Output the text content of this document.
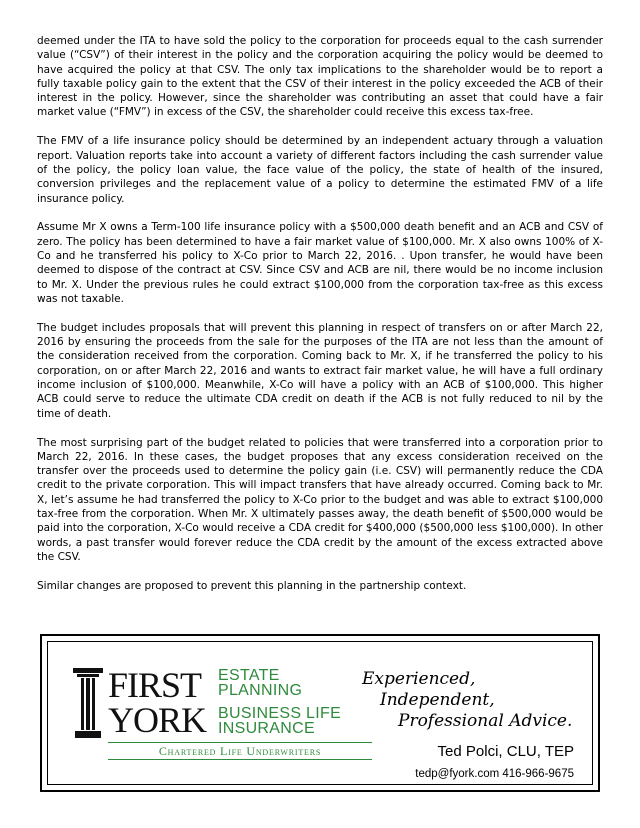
deemed under the ITA to have sold the policy to the corporation for proceeds equal to the cash surrender value (“CSV”) of their interest in the policy and the corporation acquiring the policy would be deemed to have acquired the policy at that CSV. The only tax implications to the shareholder would be to report a fully taxable policy gain to the extent that the CSV of their interest in the policy exceeded the ACB of their interest in the policy. However, since the shareholder was contributing an asset that could have a fair market value (“FMV”) in excess of the CSV, the shareholder could receive this excess tax-free.

The FMV of a life insurance policy should be determined by an independent actuary through a valuation report. Valuation reports take into account a variety of different factors including the cash surrender value of the policy, the policy loan value, the face value of the policy, the state of health of the insured, conversion privileges and the replacement value of a policy to determine the estimated FMV of a life insurance policy.

Assume Mr X owns a Term-100 life insurance policy with a $500,000 death benefit and an ACB and CSV of zero. The policy has been determined to have a fair market value of $100,000. Mr. X also owns 100% of X-Co and he transferred his policy to X-Co prior to March 22, 2016. . Upon transfer, he would have been deemed to dispose of the contract at CSV. Since CSV and ACB are nil, there would be no income inclusion to Mr. X. Under the previous rules he could extract $100,000 from the corporation tax-free as this excess was not taxable.

The budget includes proposals that will prevent this planning in respect of transfers on or after March 22, 2016 by ensuring the proceeds from the sale for the purposes of the ITA are not less than the amount of the consideration received from the corporation. Coming back to Mr. X, if he transferred the policy to his corporation, on or after March 22, 2016 and wants to extract fair market value, he will have a full ordinary income inclusion of $100,000. Meanwhile, X-Co will have a policy with an ACB of $100,000. This higher ACB could serve to reduce the ultimate CDA credit on death if the ACB is not fully reduced to nil by the time of death.

The most surprising part of the budget related to policies that were transferred into a corporation prior to March 22, 2016. In these cases, the budget proposes that any excess consideration received on the transfer over the proceeds used to determine the policy gain (i.e. CSV) will permanently reduce the CDA credit to the private corporation. This will impact transfers that have already occurred. Coming back to Mr. X, let’s assume he had transferred the policy to X-Co prior to the budget and was able to extract $100,000 tax-free from the corporation. When Mr. X ultimately passes away, the death benefit of $500,000 would be paid into the corporation, X-Co would receive a CDA credit for $400,000 ($500,000 less $100,000). In other words, a past transfer would forever reduce the CDA credit by the amount of the excess extracted above the CSV.

Similar changes are proposed to prevent this planning in the partnership context.

FIRST
YORK
ESTATE
PLANNING
BUSINESS LIFE
INSURANCE
Chartered Life Underwriters
Experienced,
Independent,
Professional Advice.
Ted Polci, CLU, TEP
tedp@fyork.com 416-966-9675
